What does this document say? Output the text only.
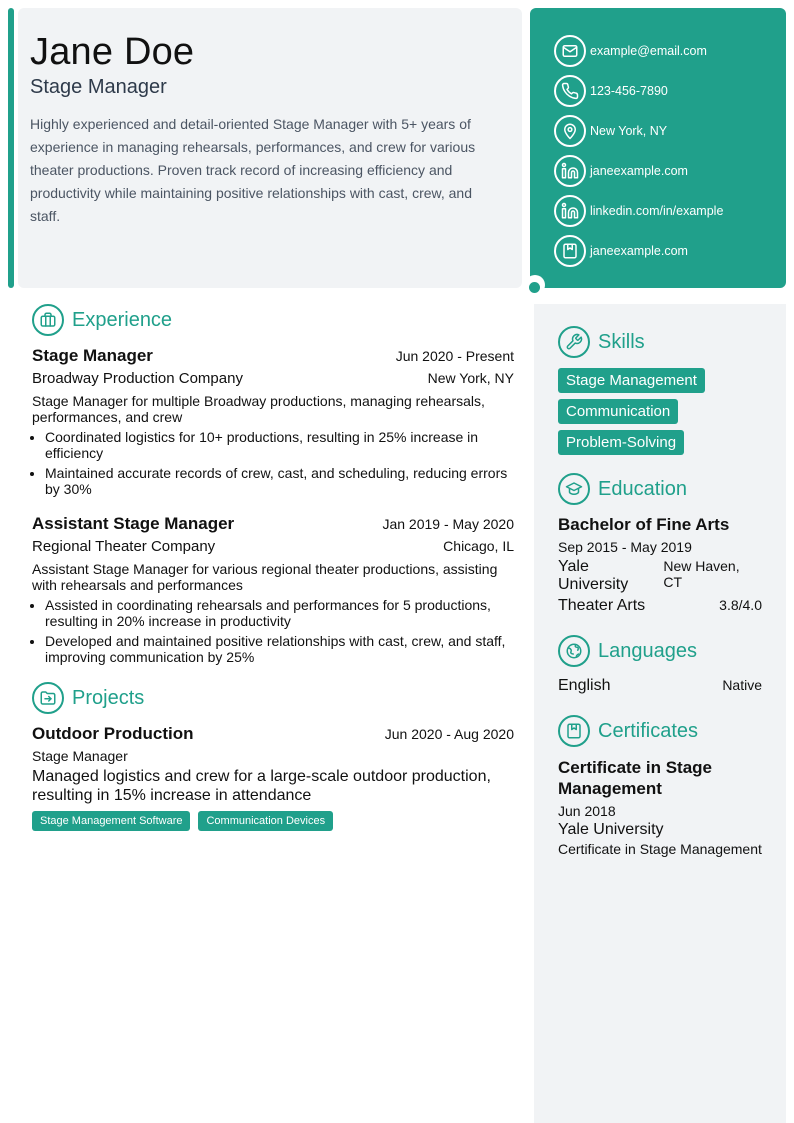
Jane Doe
Stage Manager
Highly experienced and detail-oriented Stage Manager with 5+ years of experience in managing rehearsals, performances, and crew for various theater productions. Proven track record of increasing efficiency and productivity while maintaining positive relationships with cast, crew, and staff.
example@email.com
123-456-7890
New York, NY
janeexample.com
linkedin.com/in/example
janeexample.com
Experience
Stage Manager	Jun 2020 - Present
Broadway Production Company	New York, NY
Stage Manager for multiple Broadway productions, managing rehearsals, performances, and crew
• Coordinated logistics for 10+ productions, resulting in 25% increase in efficiency
• Maintained accurate records of crew, cast, and scheduling, reducing errors by 30%
Assistant Stage Manager	Jan 2019 - May 2020
Regional Theater Company	Chicago, IL
Assistant Stage Manager for various regional theater productions, assisting with rehearsals and performances
• Assisted in coordinating rehearsals and performances for 5 productions, resulting in 20% increase in productivity
• Developed and maintained positive relationships with cast, crew, and staff, improving communication by 25%
Projects
Outdoor Production	Jun 2020 - Aug 2020
Stage Manager
Managed logistics and crew for a large-scale outdoor production, resulting in 15% increase in attendance
Stage Management Software	Communication Devices
Skills
Stage Management
Communication
Problem-Solving
Education
Bachelor of Fine Arts
Sep 2015 - May 2019
Yale University
New Haven, CT
Theater Arts	3.8/4.0
Languages
English	Native
Certificates
Certificate in Stage Management
Jun 2018
Yale University
Certificate in Stage Management
